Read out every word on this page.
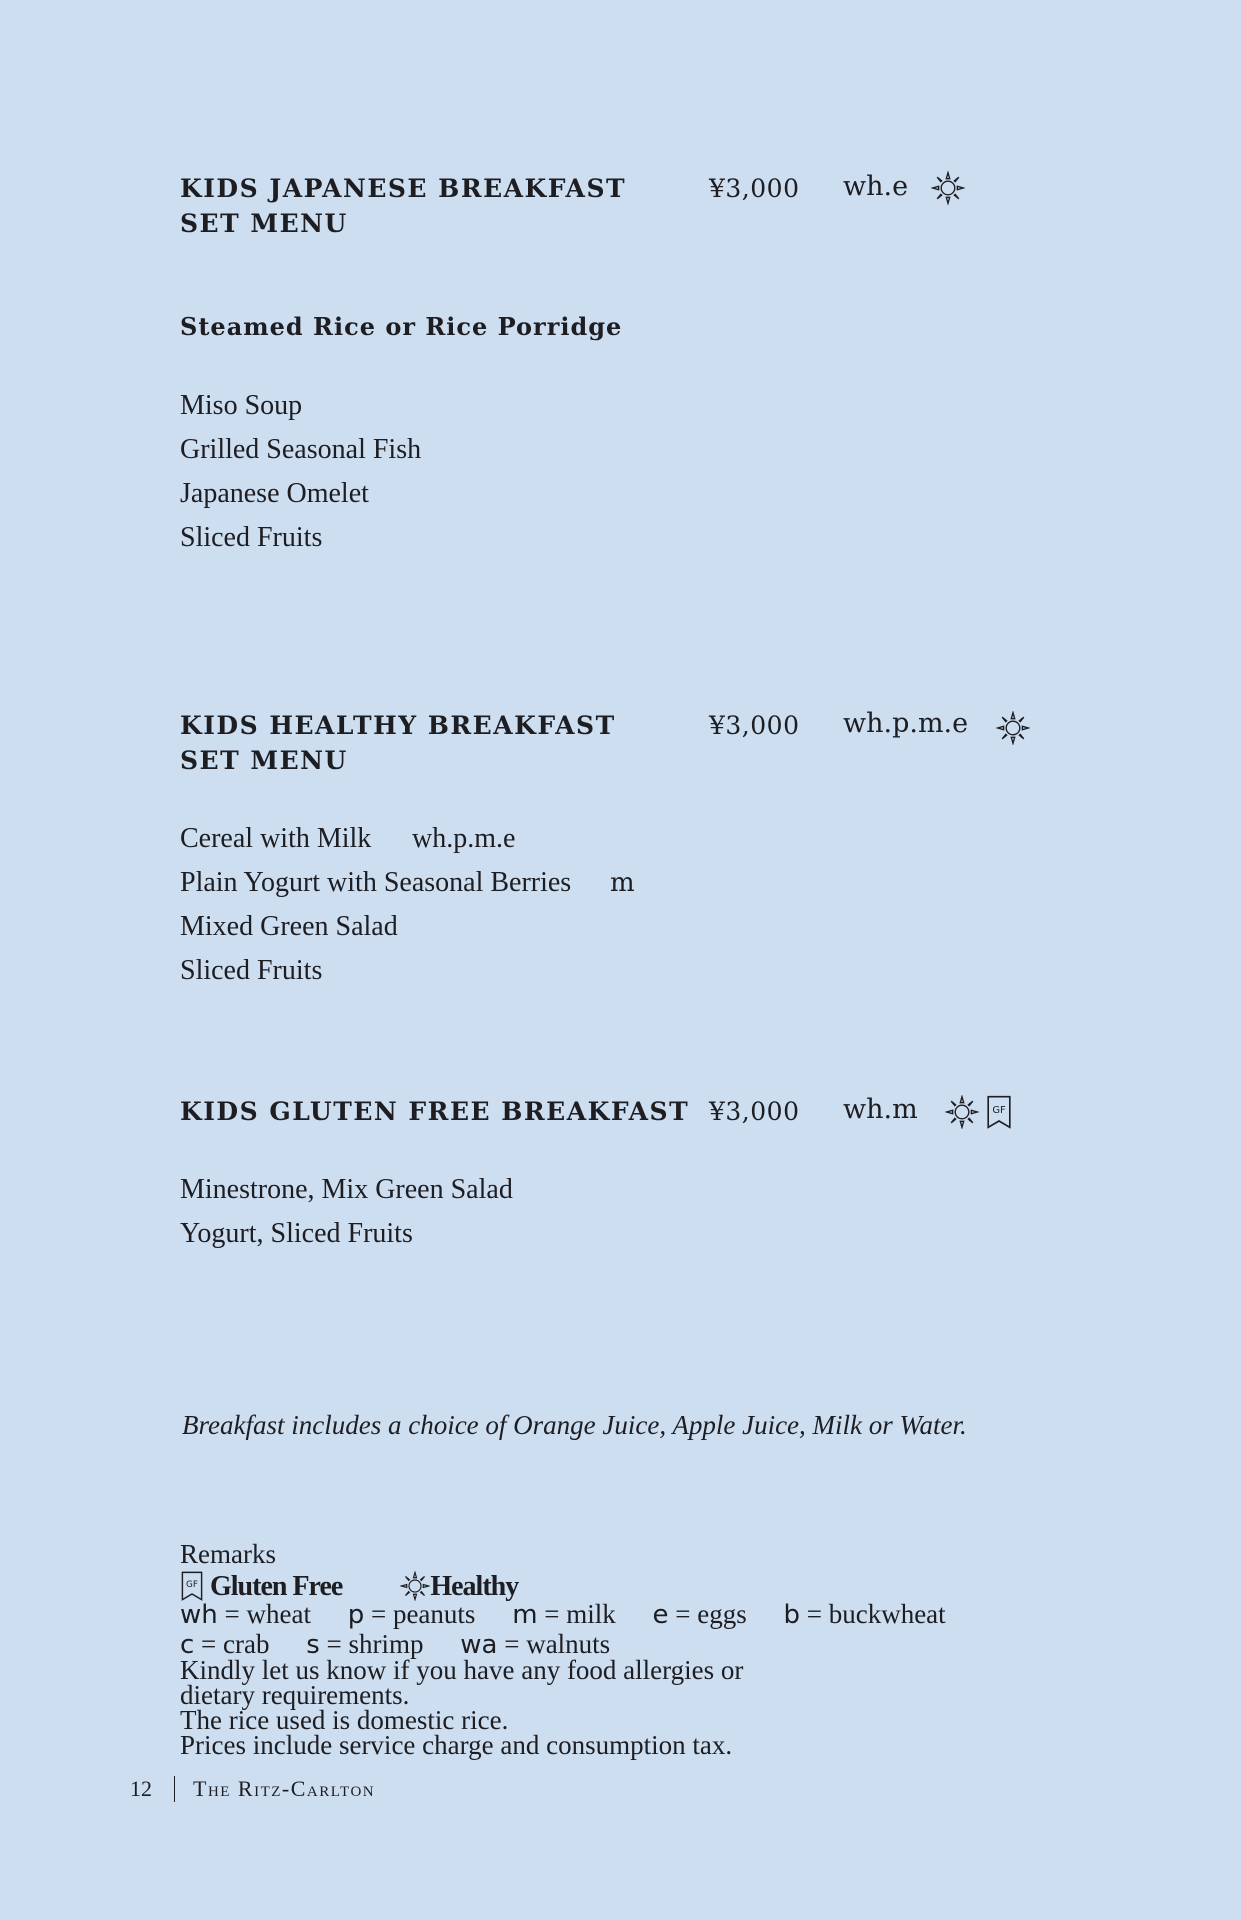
KIDS JAPANESE BREAKFAST
SET MENU
¥3,000 wh.e
Steamed Rice or Rice Porridge
Miso Soup
Grilled Seasonal Fish
Japanese Omelet
Sliced Fruits
KIDS HEALTHY BREAKFAST
SET MENU
¥3,000 wh.p.m.e
Cereal with Milk wh.p.m.e
Plain Yogurt with Seasonal Berries m
Mixed Green Salad
Sliced Fruits
KIDS GLUTEN FREE BREAKFAST ¥3,000 wh.m
Minestrone, Mix Green Salad
Yogurt, Sliced Fruits
Breakfast includes a choice of Orange Juice, Apple Juice, Milk or Water.
Remarks
Gluten Free	Healthy
wh = wheat p = peanuts m = milk e = eggs b = buckwheat
c = crab s = shrimp wa = walnuts
Kindly let us know if you have any food allergies or
dietary requirements.
The rice used is domestic rice.
Prices include service charge and consumption tax.
12 The Ritz-Carlton
